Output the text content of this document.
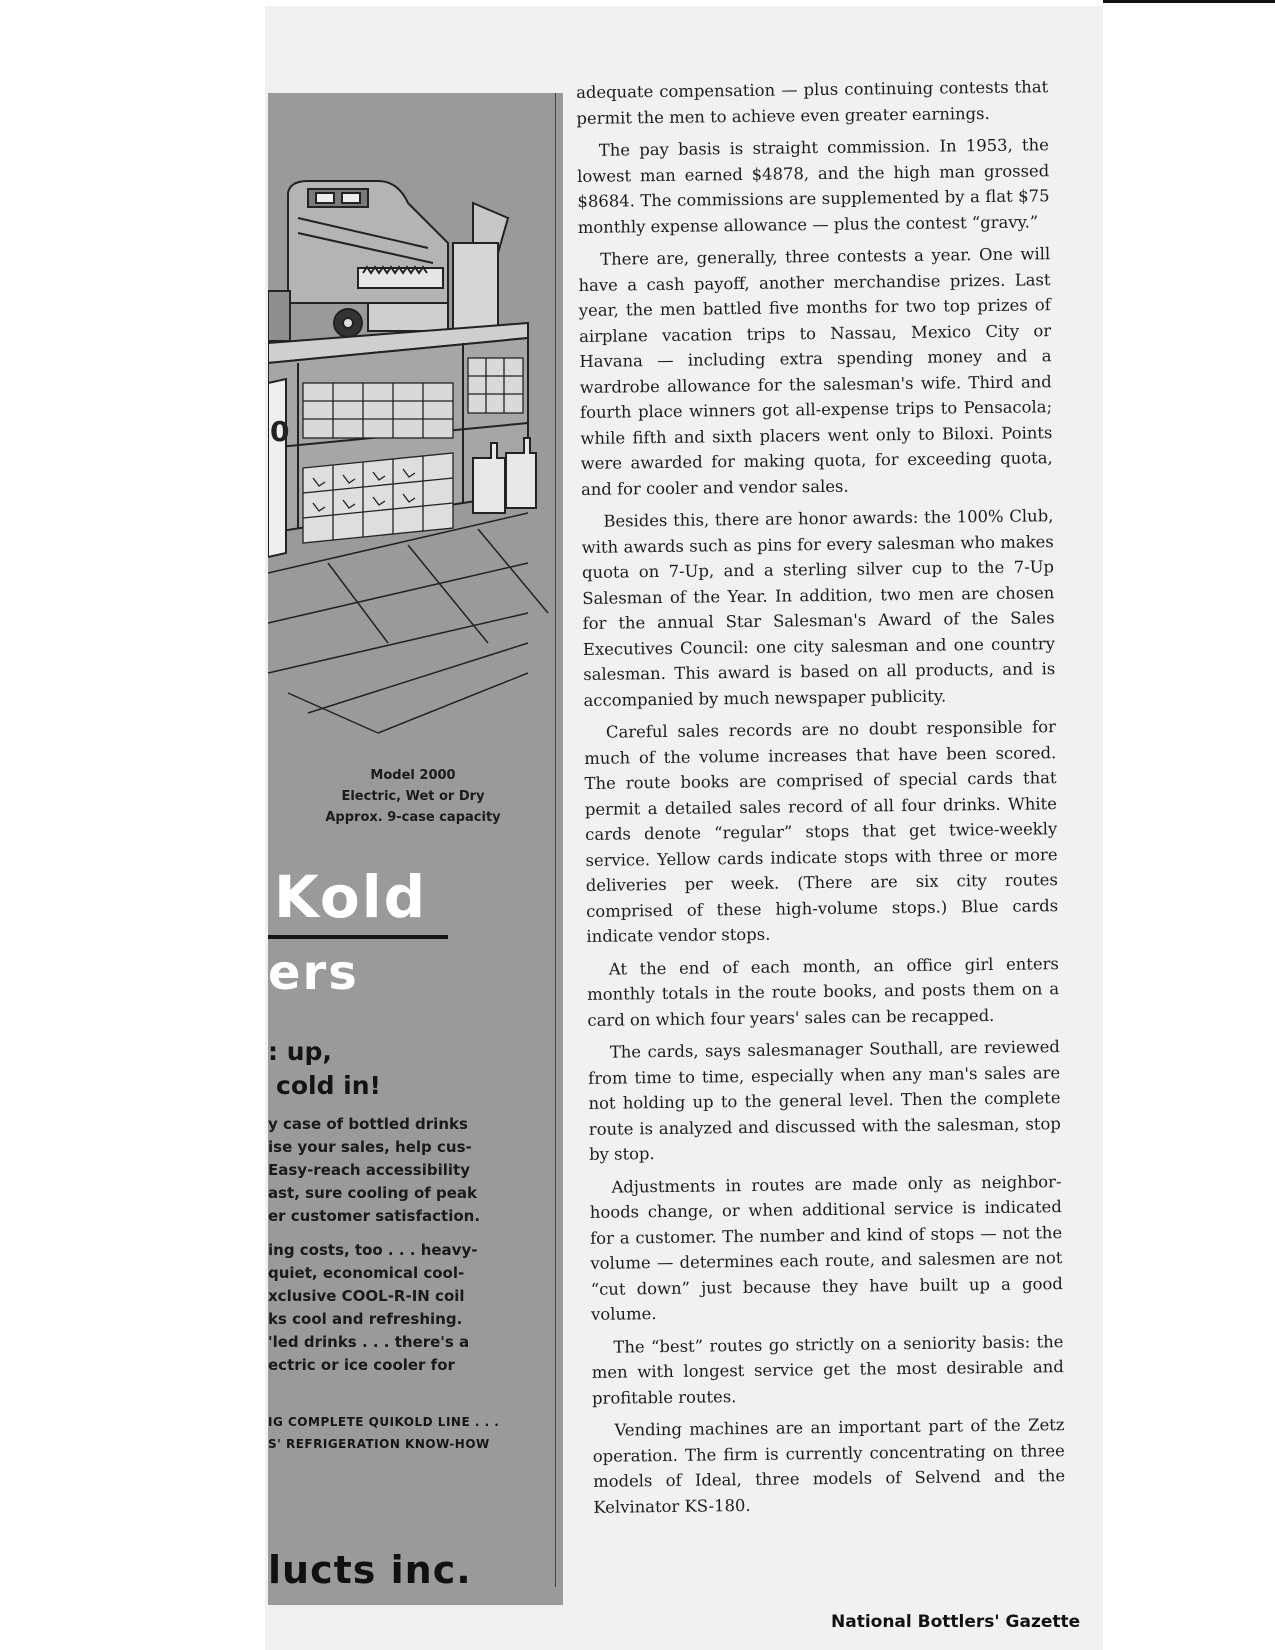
0
Model 2000
Electric, Wet or Dry
Approx. 9-case capacity
Kold
ers
: up,
cold in!
y case of bottled drinks
ise your sales, help cus-
Easy-reach accessibility
ast, sure cooling of peak
er customer satisfaction.
ing costs, too . . . heavy-
quiet, economical cool-
xclusive COOL-R-IN coil
ks cool and refreshing.
'led drinks . . . there's a
ectric or ice cooler for
IG COMPLETE QUIKOLD LINE . . .
S' REFRIGERATION KNOW-HOW
lucts inc.

adequate compensation — plus continuing contests that permit the men to achieve even greater earnings.

The pay basis is straight commission. In 1953, the lowest man earned $4878, and the high man grossed $8684. The commissions are supplemented by a flat $75 monthly expense allowance — plus the contest “gravy.”

There are, generally, three contests a year. One will have a cash payoff, another merchandise prizes. Last year, the men battled five months for two top prizes of airplane vacation trips to Nassau, Mexico City or Havana — including extra spending money and a wardrobe allowance for the salesman's wife. Third and fourth place winners got all-expense trips to Pensacola; while fifth and sixth placers went only to Biloxi. Points were awarded for making quota, for exceeding quota, and for cooler and vendor sales.

Besides this, there are honor awards: the 100% Club, with awards such as pins for every salesman who makes quota on 7-Up, and a sterling silver cup to the 7-Up Salesman of the Year. In addition, two men are chosen for the annual Star Salesman's Award of the Sales Executives Council: one city salesman and one country salesman. This award is based on all products, and is accompanied by much newspaper publicity.

Careful sales records are no doubt responsible for much of the volume increases that have been scored. The route books are comprised of special cards that permit a detailed sales record of all four drinks. White cards denote “regular” stops that get twice-weekly service. Yellow cards indicate stops with three or more deliveries per week. (There are six city routes comprised of these high-volume stops.) Blue cards indicate vendor stops.

At the end of each month, an office girl enters monthly totals in the route books, and posts them on a card on which four years' sales can be recapped.

The cards, says salesmanager Southall, are reviewed from time to time, especially when any man's sales are not holding up to the general level. Then the complete route is analyzed and discussed with the salesman, stop by stop.

Adjustments in routes are made only as neighborhoods change, or when additional service is indicated for a customer. The number and kind of stops — not the volume — determines each route, and salesmen are not “cut down” just because they have built up a good volume.

The “best” routes go strictly on a seniority basis: the men with longest service get the most desirable and profitable routes.

Vending machines are an important part of the Zetz operation. The firm is currently concentrating on three models of Ideal, three models of Selvend and the Kelvinator KS-180.

National Bottlers' Gazette
